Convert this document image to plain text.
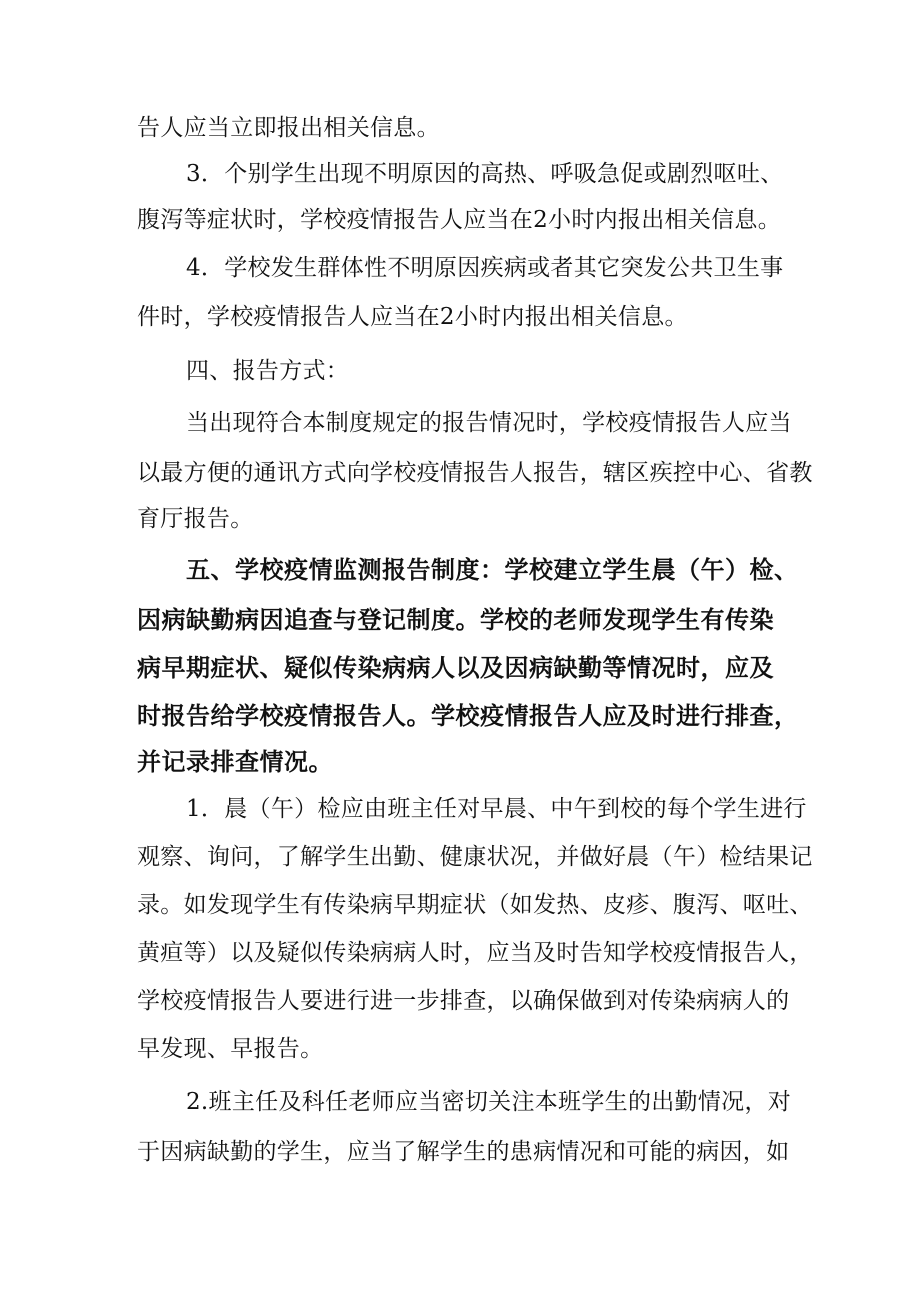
告人应当立即报出相关信息。

3．个别学生出现不明原因的高热、呼吸急促或剧烈呕吐、

腹泻等症状时，学校疫情报告人应当在2小时内报出相关信息。

4．学校发生群体性不明原因疾病或者其它突发公共卫生事

件时，学校疫情报告人应当在2小时内报出相关信息。

四、报告方式：

当出现符合本制度规定的报告情况时，学校疫情报告人应当

以最方便的通讯方式向学校疫情报告人报告，辖区疾控中心、省教

育厅报告。

五、学校疫情监测报告制度：学校建立学生晨（午）检、

因病缺勤病因追查与登记制度。学校的老师发现学生有传染

病早期症状、疑似传染病病人以及因病缺勤等情况时，应及

时报告给学校疫情报告人。学校疫情报告人应及时进行排查，

并记录排查情况。

1．晨（午）检应由班主任对早晨、中午到校的每个学生进行

观察、询问，了解学生出勤、健康状况，并做好晨（午）检结果记

录。如发现学生有传染病早期症状（如发热、皮疹、腹泻、呕吐、

黄疸等）以及疑似传染病病人时，应当及时告知学校疫情报告人，

学校疫情报告人要进行进一步排查，以确保做到对传染病病人的

早发现、早报告。

2.班主任及科任老师应当密切关注本班学生的出勤情况，对

于因病缺勤的学生，应当了解学生的患病情况和可能的病因，如
